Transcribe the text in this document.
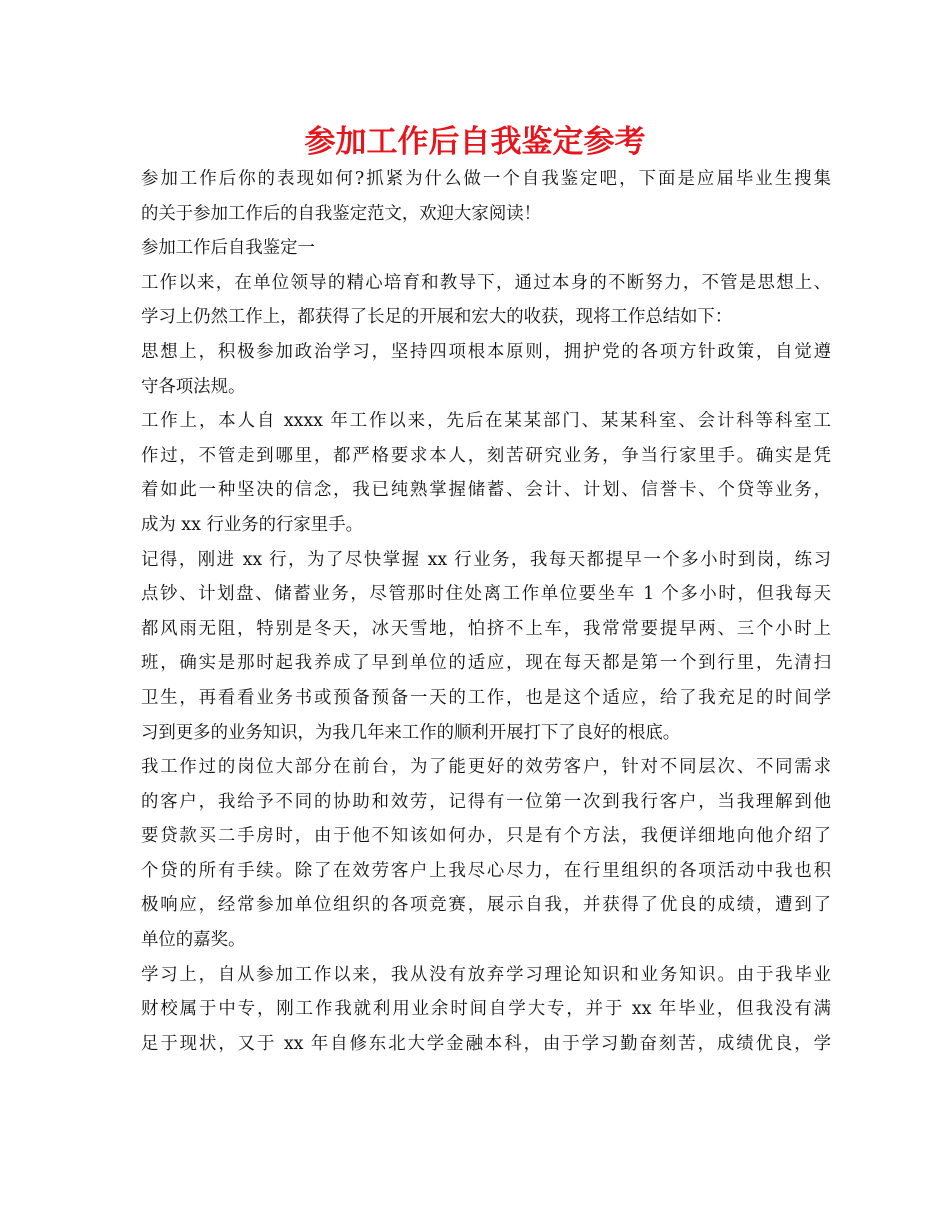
参加工作后自我鉴定参考
参加工作后你的表现如何?抓紧为什么做一个自我鉴定吧，下面是应届毕业生搜集
的关于参加工作后的自我鉴定范文，欢迎大家阅读！
参加工作后自我鉴定一
工作以来，在单位领导的精心培育和教导下，通过本身的不断努力，不管是思想上、
学习上仍然工作上，都获得了长足的开展和宏大的收获，现将工作总结如下：
思想上，积极参加政治学习，坚持四项根本原则，拥护党的各项方针政策，自觉遵
守各项法规。
工作上，本人自 xxxx 年工作以来，先后在某某部门、某某科室、会计科等科室工
作过，不管走到哪里，都严格要求本人，刻苦研究业务，争当行家里手。确实是凭
着如此一种坚决的信念，我已纯熟掌握储蓄、会计、计划、信誉卡、个贷等业务，
成为 xx 行业务的行家里手。
记得，刚进 xx 行，为了尽快掌握 xx 行业务，我每天都提早一个多小时到岗，练习
点钞、计划盘、储蓄业务，尽管那时住处离工作单位要坐车 1 个多小时，但我每天
都风雨无阻，特别是冬天，冰天雪地，怕挤不上车，我常常要提早两、三个小时上
班，确实是那时起我养成了早到单位的适应，现在每天都是第一个到行里，先清扫
卫生，再看看业务书或预备预备一天的工作，也是这个适应，给了我充足的时间学
习到更多的业务知识，为我几年来工作的顺利开展打下了良好的根底。
我工作过的岗位大部分在前台，为了能更好的效劳客户，针对不同层次、不同需求
的客户，我给予不同的协助和效劳，记得有一位第一次到我行客户，当我理解到他
要贷款买二手房时，由于他不知该如何办，只是有个方法，我便详细地向他介绍了
个贷的所有手续。除了在效劳客户上我尽心尽力，在行里组织的各项活动中我也积
极响应，经常参加单位组织的各项竞赛，展示自我，并获得了优良的成绩，遭到了
单位的嘉奖。
学习上，自从参加工作以来，我从没有放弃学习理论知识和业务知识。由于我毕业
财校属于中专，刚工作我就利用业余时间自学大专，并于 xx 年毕业，但我没有满
足于现状，又于 xx 年自修东北大学金融本科，由于学习勤奋刻苦，成绩优良，学
